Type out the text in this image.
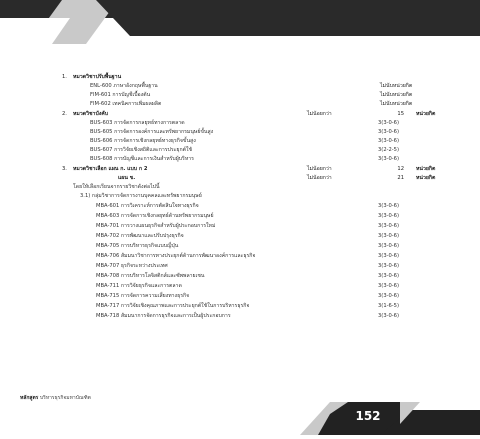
1. หมวดวิชาปรับพื้นฐาน
ENL-600 ภาษาอังกฤษพื้นฐาน	ไม่นับหน่วยกิต
FIM-601 การบัญชีเบื้องต้น	ไม่นับหน่วยกิต
FIM-602 เทคนิคการเพิ่มผลผลิต	ไม่นับหน่วยกิต
2. หมวดวิชาบังคับ	ไม่น้อยกว่า	15 หน่วยกิต
BUS-603 การจัดการกลยุทธ์ทางการตลาด	3(3-0-6)
BUS-605 การจัดการองค์การและทรัพยากรมนุษย์ขั้นสูง	3(3-0-6)
BUS-606 การจัดการเชิงกลยุทธ์ทางธุรกิจขั้นสูง	3(3-0-6)
BUS-607 การวิจัยเชิงสถิติและการประยุกต์ใช้	3(2-2-5)
BUS-608 การบัญชีและการเงินสำหรับผู้บริหาร	3(3-0-6)
3. หมวดวิชาเลือก แผน ก. แบบ ก 2	ไม่น้อยกว่า	12 หน่วยกิต
แผน ข.	ไม่น้อยกว่า	21 หน่วยกิต
โดยให้เลือกเรียนจากรายวิชาดังต่อไปนี้
3.1) กลุ่มวิชาการจัดการงานบุคคลและทรัพยากรมนุษย์
MBA-601 การวิเคราะห์การตัดสินใจทางธุรกิจ	3(3-0-6)
MBA-603 การจัดการเชิงกลยุทธ์ด้านทรัพยากรมนุษย์	3(3-0-6)
MBA-701 การวางแผนธุรกิจสำหรับผู้ประกอบการใหม่	3(3-0-6)
MBA-702 การพัฒนาและปรับปรุงธุรกิจ	3(3-0-6)
MBA-705 การบริหารธุรกิจแบบญี่ปุ่น	3(3-0-6)
MBA-706 สัมมนาวิชาการทางประยุกต์ด้านการพัฒนาองค์การและธุรกิจ	3(3-0-6)
MBA-707 ธุรกิจระหว่างประเทศ	3(3-0-6)
MBA-708 การบริหารโลจิสติกส์และซัพพลายเชน	3(3-0-6)
MBA-711 การวิจัยธุรกิจและการตลาด	3(3-0-6)
MBA-715 การจัดการความเสี่ยงทางธุรกิจ	3(3-0-6)
MBA-717 การวิจัยเชิงคุณภาพและการประยุกต์ใช้ในการบริหารธุรกิจ	3(1-6-5)
MBA-718 สัมมนาการจัดการธุรกิจและการเป็นผู้ประกอบการ	3(3-0-6)
หลักสูตร บริหารธุรกิจมหาบัณฑิต
152
